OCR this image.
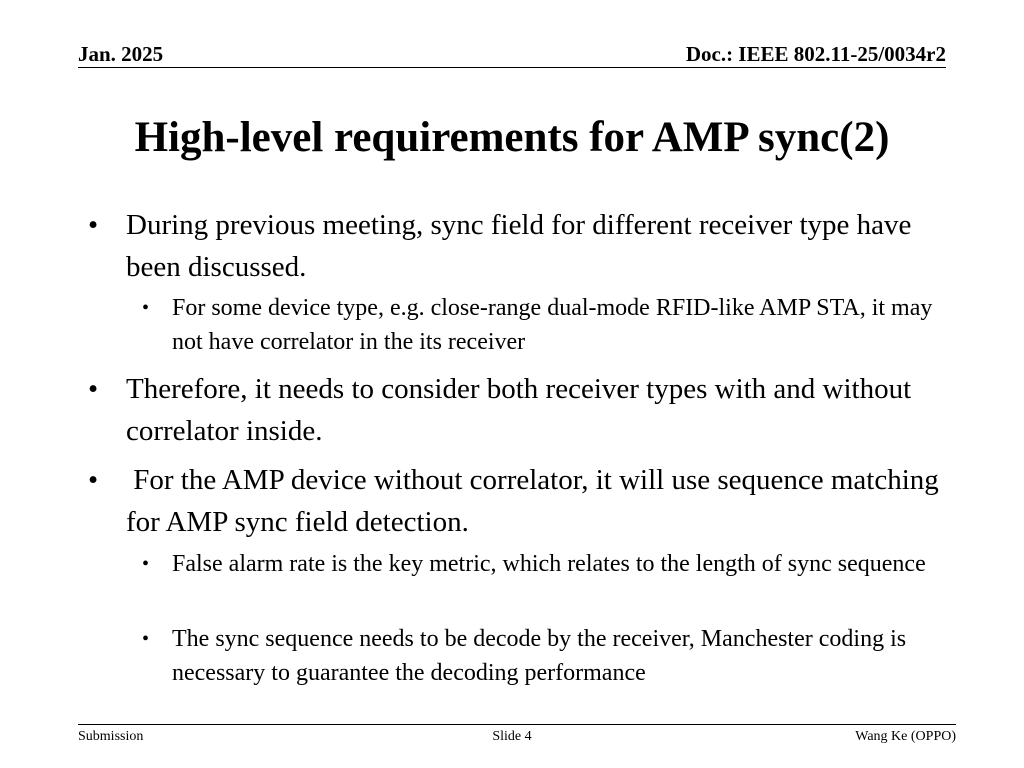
Jan. 2025	Doc.: IEEE 802.11-25/0034r2
High-level requirements for AMP sync(2)
• During previous meeting, sync field for different receiver type have been discussed.
• For some device type, e.g. close-range dual-mode RFID-like AMP STA, it may not have correlator in the its receiver
• Therefore, it needs to consider both receiver types with and without correlator inside.
• For the AMP device without correlator, it will use sequence matching for AMP sync field detection.
• False alarm rate is the key metric, which relates to the length of sync sequence
• The sync sequence needs to be decode by the receiver, Manchester coding is necessary to guarantee the decoding performance
Submission	Slide 4	Wang Ke (OPPO)
